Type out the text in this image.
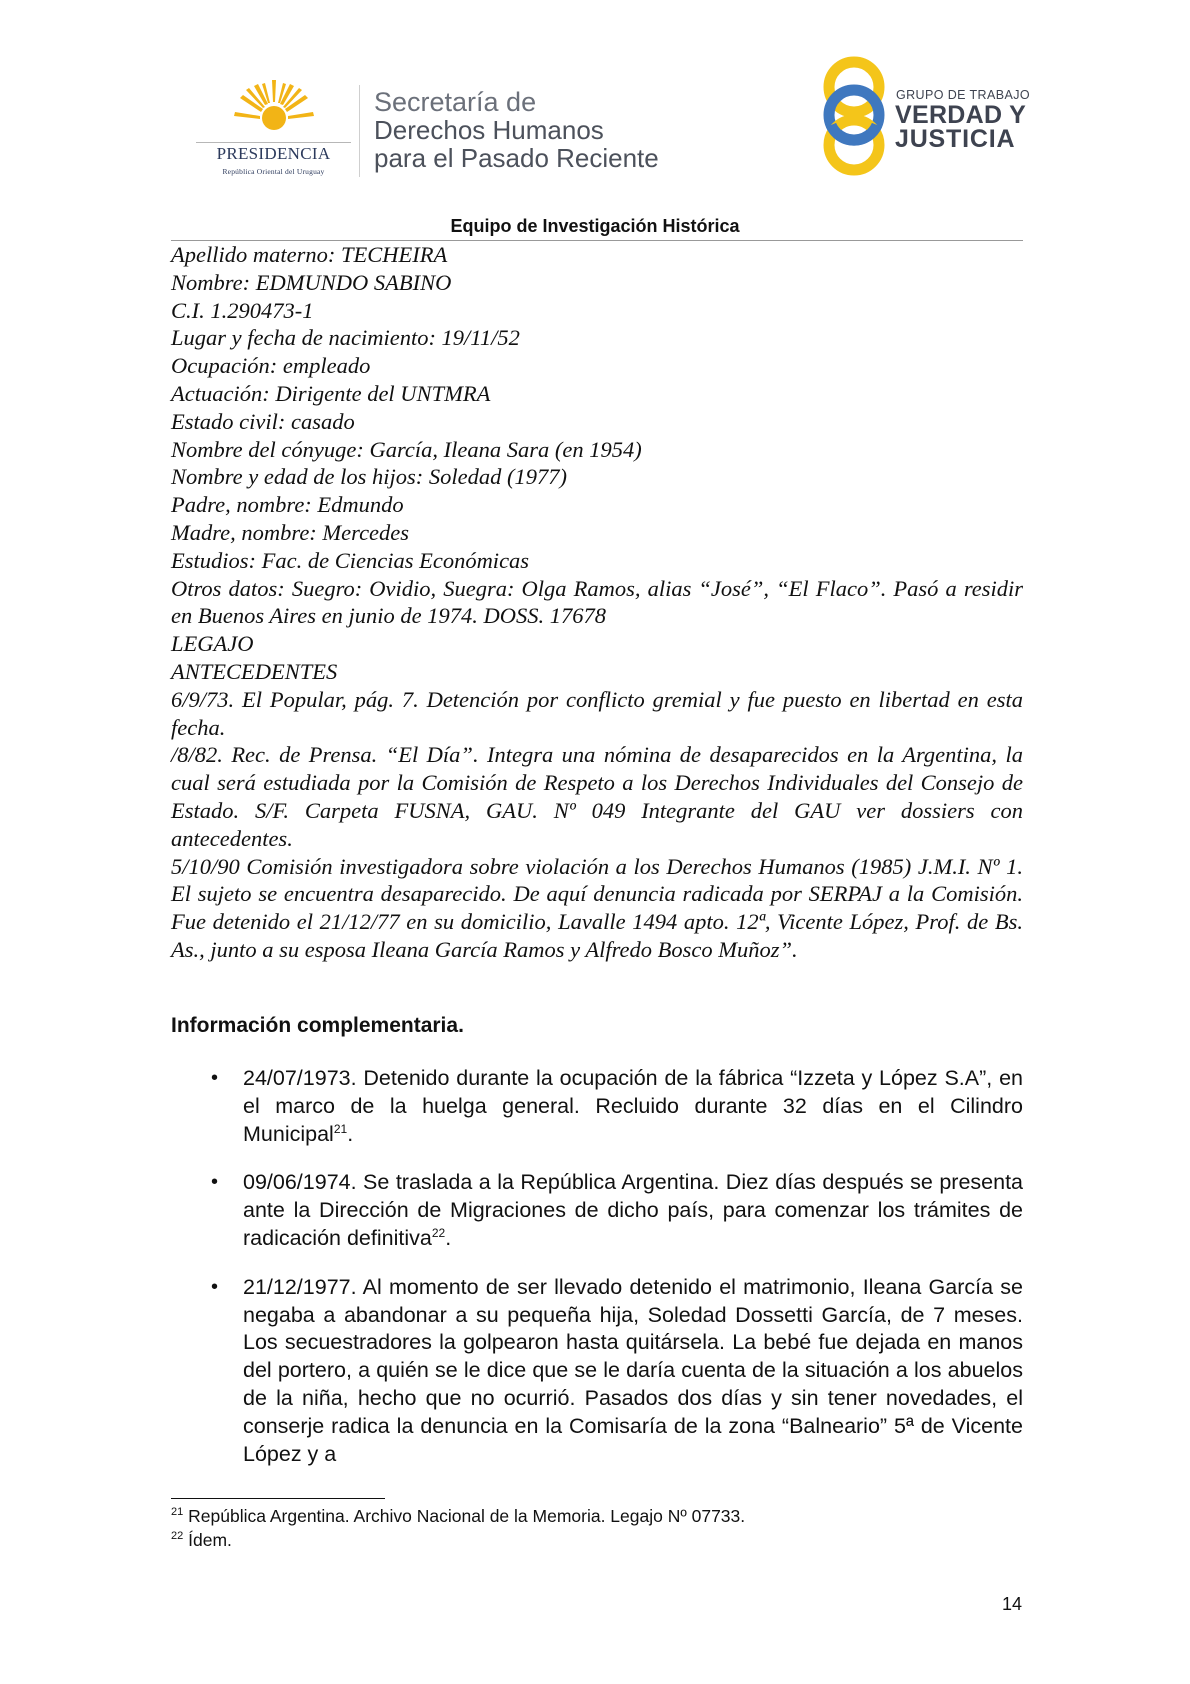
PRESIDENCIA
República Oriental del Uruguay
Secretaría de
Derechos Humanos
para el Pasado Reciente
GRUPO DE TRABAJO
VERDAD Y
JUSTICIA
Equipo de Investigación Histórica

Apellido materno: TECHEIRA

Nombre: EDMUNDO SABINO

C.I. 1.290473-1

Lugar y fecha de nacimiento: 19/11/52

Ocupación: empleado

Actuación: Dirigente del UNTMRA

Estado civil: casado

Nombre del cónyuge: García, Ileana Sara (en 1954)

Nombre y edad de los hijos: Soledad (1977)

Padre, nombre: Edmundo

Madre, nombre: Mercedes

Estudios: Fac. de Ciencias Económicas

Otros datos: Suegro: Ovidio, Suegra: Olga Ramos, alias “José”, “El Flaco”. Pasó a residir en Buenos Aires en junio de 1974. DOSS. 17678

LEGAJO

ANTECEDENTES

6/9/73. El Popular, pág. 7. Detención por conflicto gremial y fue puesto en libertad en esta fecha.

/8/82. Rec. de Prensa. “El Día”. Integra una nómina de desaparecidos en la Argentina, la cual será estudiada por la Comisión de Respeto a los Derechos Individuales del Consejo de Estado. S/F. Carpeta FUSNA, GAU. Nº 049 Integrante del GAU ver dossiers con antecedentes.

5/10/90 Comisión investigadora sobre violación a los Derechos Humanos (1985) J.M.I. Nº 1. El sujeto se encuentra desaparecido. De aquí denuncia radicada por SERPAJ a la Comisión. Fue detenido el 21/12/77 en su domicilio, Lavalle 1494 apto. 12ª, Vicente López, Prof. de Bs. As., junto a su esposa Ileana García Ramos y Alfredo Bosco Muñoz”.

Información complementaria.
• 24/07/1973. Detenido durante la ocupación de la fábrica “Izzeta y López S.A”, en el marco de la huelga general. Recluido durante 32 días en el Cilindro Municipal$^{21}$.
• 09/06/1974. Se traslada a la República Argentina. Diez días después se presenta ante la Dirección de Migraciones de dicho país, para comenzar los trámites de radicación definitiva$^{22}$.
• 21/12/1977. Al momento de ser llevado detenido el matrimonio, Ileana García se negaba a abandonar a su pequeña hija, Soledad Dossetti García, de 7 meses. Los secuestradores la golpearon hasta quitársela. La bebé fue dejada en manos del portero, a quién se le dice que se le daría cuenta de la situación a los abuelos de la niña, hecho que no ocurrió. Pasados dos días y sin tener novedades, el conserje radica la denuncia en la Comisaría de la zona “Balneario” 5ª de Vicente López y a
$^{21}$ República Argentina. Archivo Nacional de la Memoria. Legajo Nº 07733.
$^{22}$ Ídem.
14
